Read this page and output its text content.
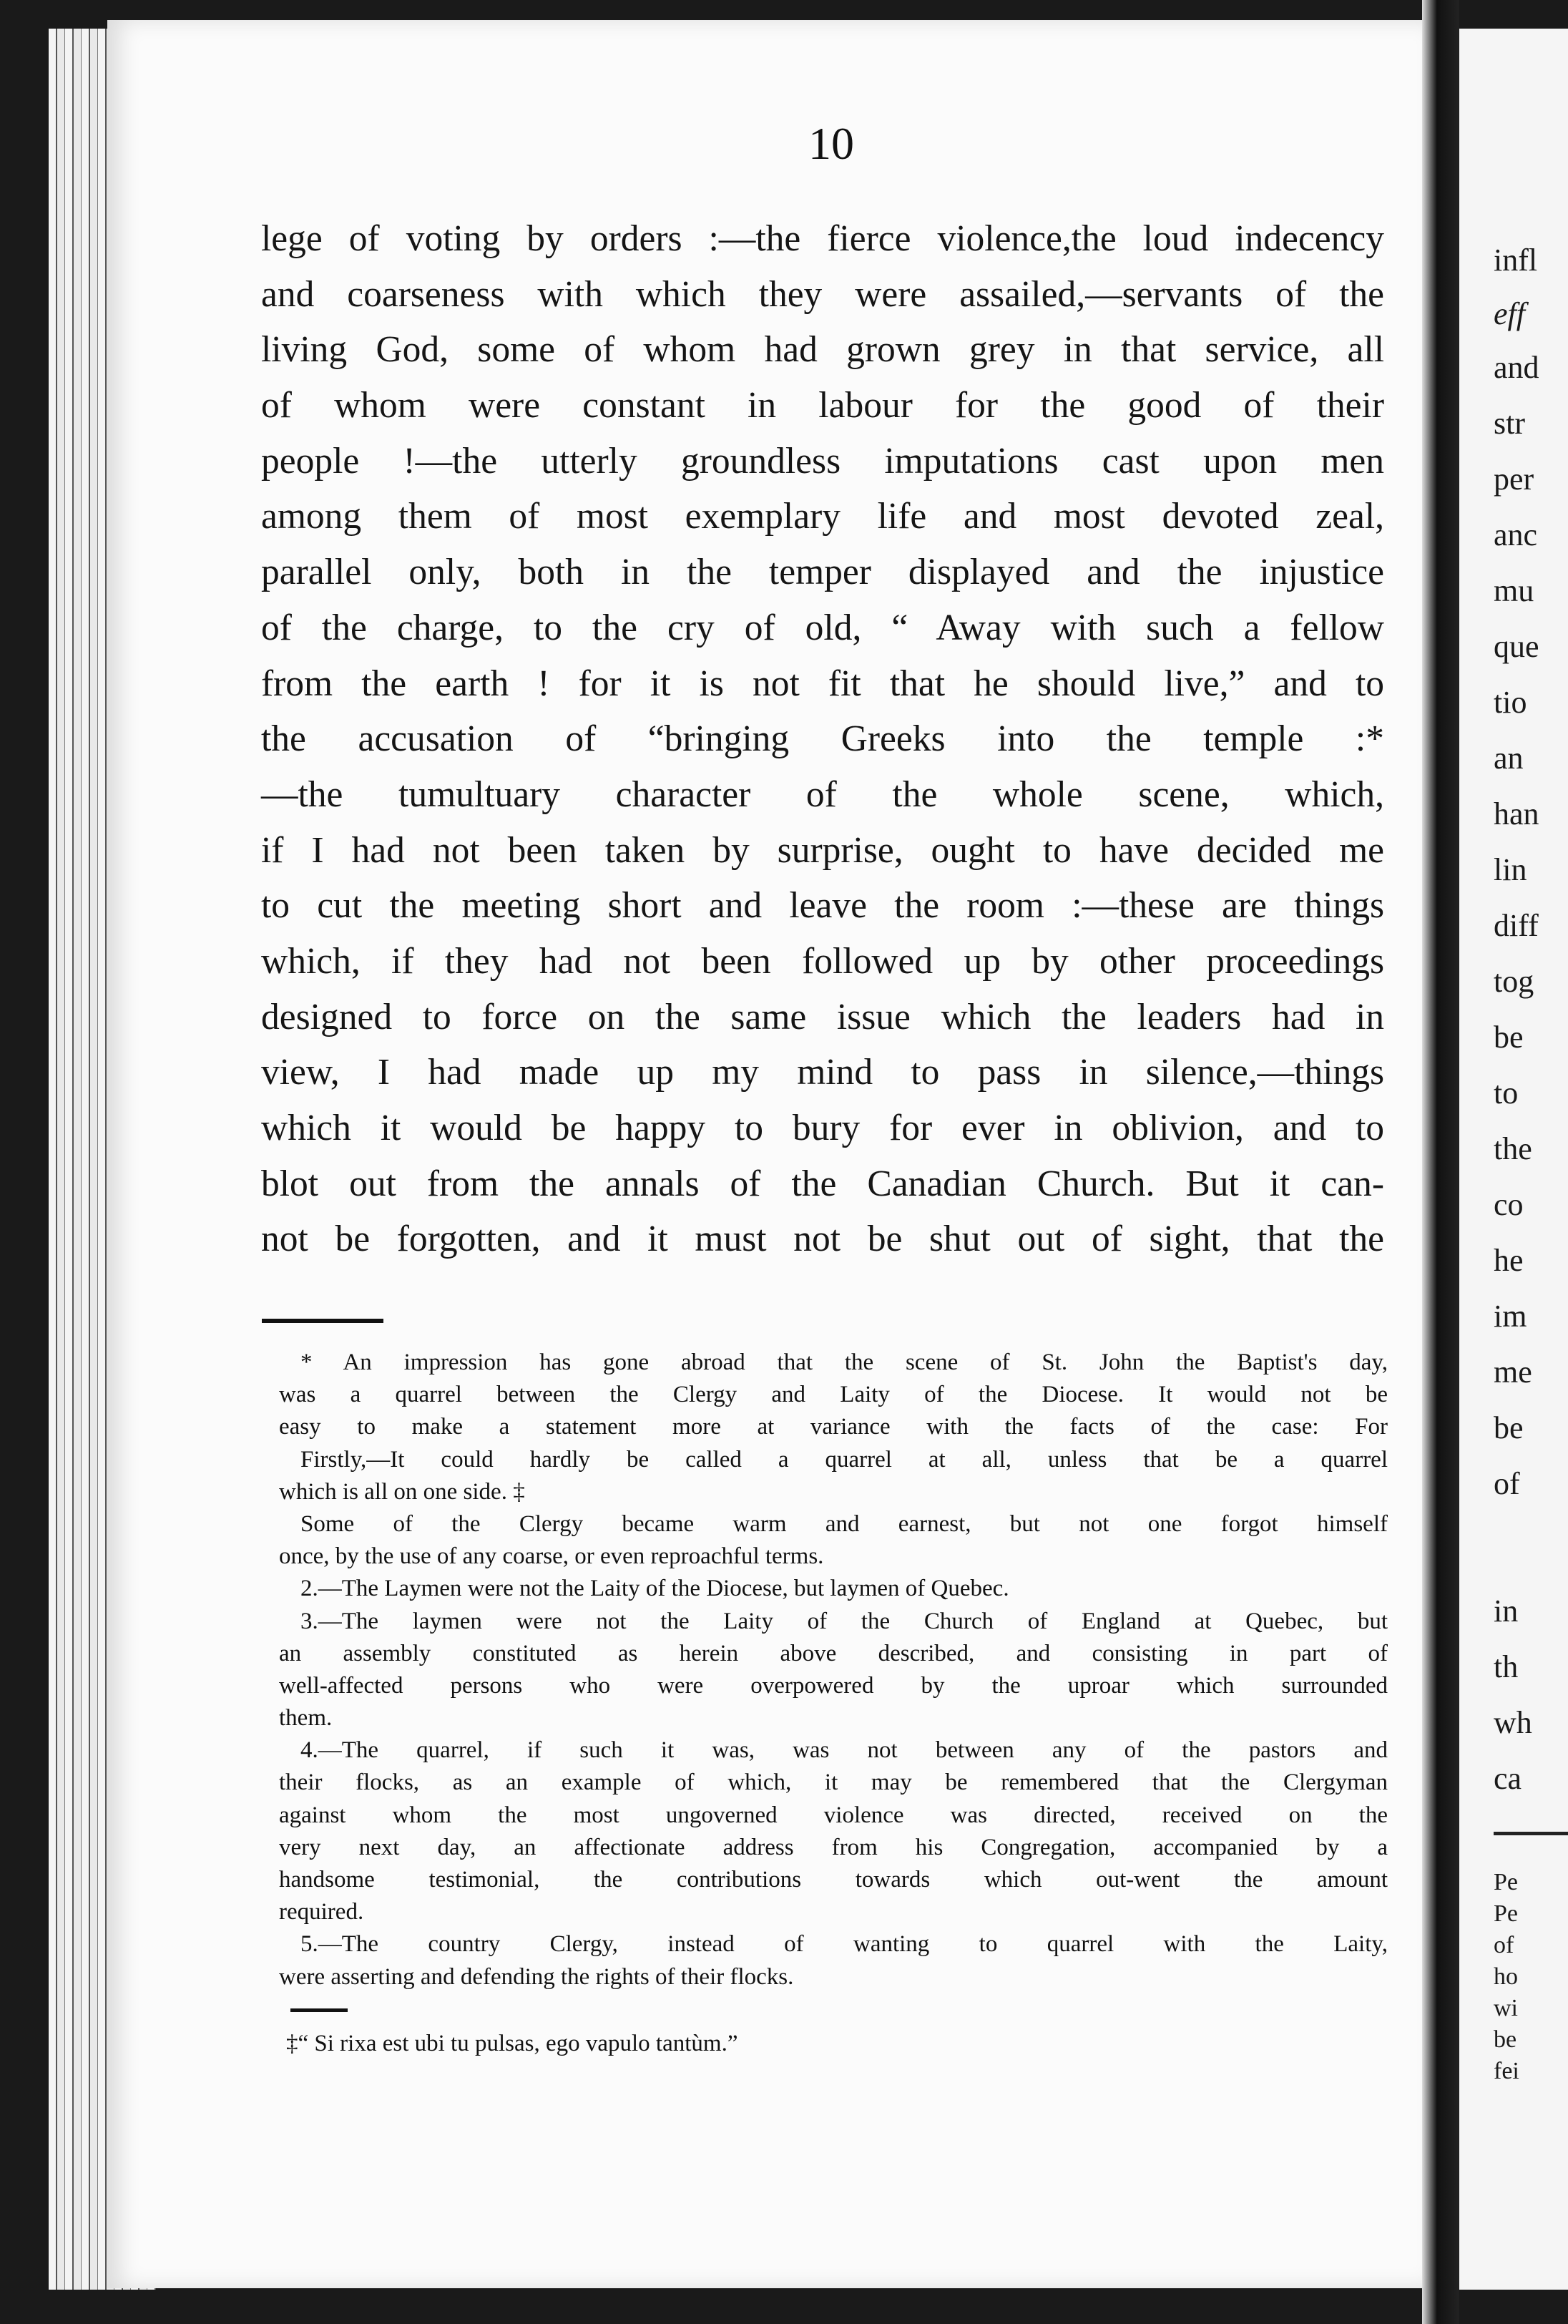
10
lege of voting by orders :—the fierce violence,the loud indecency
and coarseness with which they were assailed,—servants of the
living God, some of whom had grown grey in that service, all
of whom were constant in labour for the good of their
people !—the utterly groundless imputations cast upon men
among them of most exemplary life and most devoted zeal,
parallel only, both in the temper displayed and the injustice
of the charge, to the cry of old, “ Away with such a fellow
from the earth ! for it is not fit that he should live,” and to
the accusation of “bringing Greeks into the temple :*
—the tumultuary character of the whole scene, which,
if I had not been taken by surprise, ought to have decided me
to cut the meeting short and leave the room :—these are things
which, if they had not been followed up by other proceedings
designed to force on the same issue which the leaders had in
view, I had made up my mind to pass in silence,—things
which it would be happy to bury for ever in oblivion, and to
blot out from the annals of the Canadian Church. But it can-
not be forgotten, and it must not be shut out of sight, that the
* An impression has gone abroad that the scene of St. John the Baptist's day,
was a quarrel between the Clergy and Laity of the Diocese. It would not be
easy to make a statement more at variance with the facts of the case: For
Firstly,—It could hardly be called a quarrel at all, unless that be a quarrel
which is all on one side. ‡
Some of the Clergy became warm and earnest, but not one forgot himself
once, by the use of any coarse, or even reproachful terms.
2.—The Laymen were not the Laity of the Diocese, but laymen of Quebec.
3.—The laymen were not the Laity of the Church of England at Quebec, but
an assembly constituted as herein above described, and consisting in part of
well-affected persons who were overpowered by the uproar which surrounded
them.
4.—The quarrel, if such it was, was not between any of the pastors and
their flocks, as an example of which, it may be remembered that the Clergyman
against whom the most ungoverned violence was directed, received on the
very next day, an affectionate address from his Congregation, accompanied by a
handsome testimonial, the contributions towards which out-went the amount
required.
5.—The country Clergy, instead of wanting to quarrel with the Laity,
were asserting and defending the rights of their flocks.
‡“ Si rixa est ubi tu pulsas, ego vapulo tantùm.”
infl
eff
and
str
per
anc
mu
que
tio
an
han
lin
diff
tog
be
to
the
co
he
im
me
be
of
in
th
wh
ca
Pe
Pe
of
ho
wi
be
fei
